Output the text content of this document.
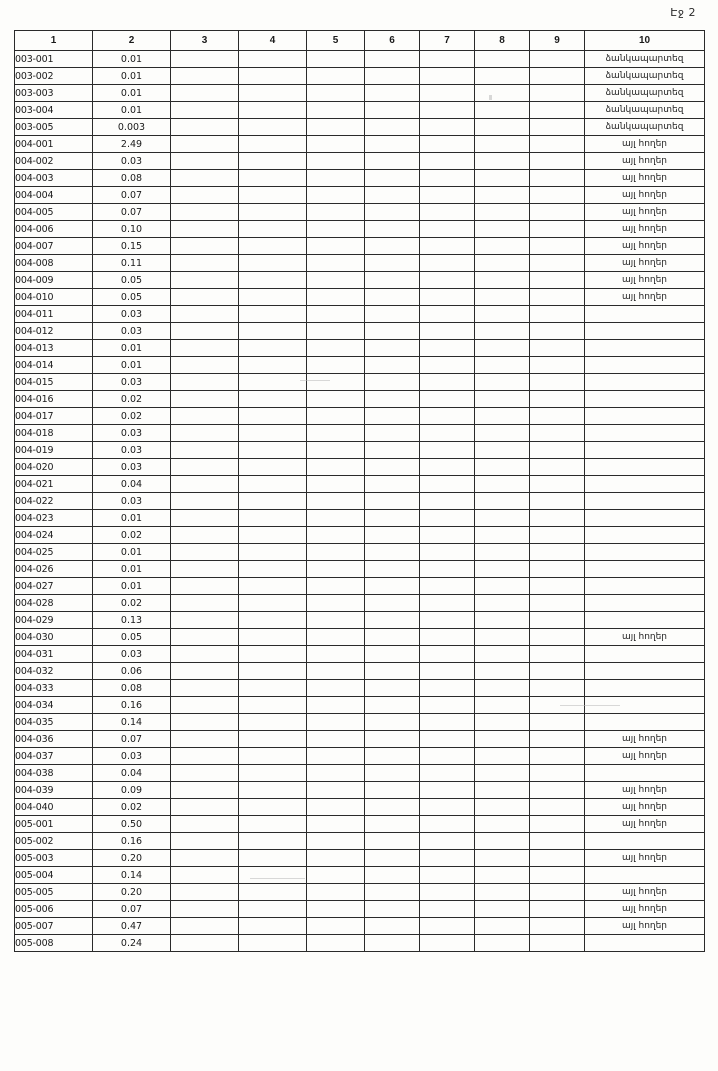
Էջ 2
1	2	3	4	5	6	7	8	9	10
003-001	0.01								ձանկապարտեզ
003-002	0.01								ձանկապարտեզ
003-003	0.01								ձանկապարտեզ
003-004	0.01								ձանկապարտեզ
003-005	0.003								ձանկապարտեզ
004-001	2.49								այլ հողեր
004-002	0.03								այլ հողեր
004-003	0.08								այլ հողեր
004-004	0.07								այլ հողեր
004-005	0.07								այլ հողեր
004-006	0.10								այլ հողեր
004-007	0.15								այլ հողեր
004-008	0.11								այլ հողեր
004-009	0.05								այլ հողեր
004-010	0.05								այլ հողեր
004-011	0.03								
004-012	0.03								
004-013	0.01								
004-014	0.01								
004-015	0.03								
004-016	0.02								
004-017	0.02								
004-018	0.03								
004-019	0.03								
004-020	0.03								
004-021	0.04								
004-022	0.03								
004-023	0.01								
004-024	0.02								
004-025	0.01								
004-026	0.01								
004-027	0.01								
004-028	0.02								
004-029	0.13								
004-030	0.05								այլ հողեր
004-031	0.03								
004-032	0.06								
004-033	0.08								
004-034	0.16								
004-035	0.14								
004-036	0.07								այլ հողեր
004-037	0.03								այլ հողեր
004-038	0.04								
004-039	0.09								այլ հողեր
004-040	0.02								այլ հողեր
005-001	0.50								այլ հողեր
005-002	0.16								
005-003	0.20								այլ հողեր
005-004	0.14								
005-005	0.20								այլ հողեր
005-006	0.07								այլ հողեր
005-007	0.47								այլ հողեր
005-008	0.24								
